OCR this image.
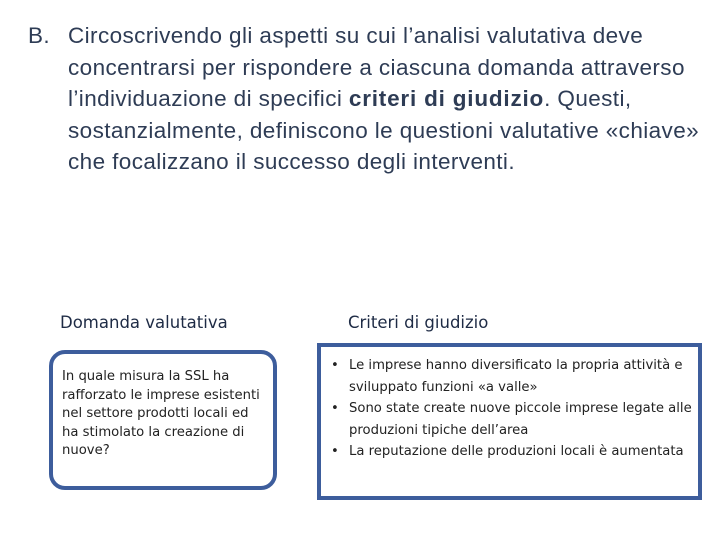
B. Circoscrivendo gli aspetti su cui l’analisi valutativa deve concentrarsi per rispondere a ciascuna domanda attraverso l’individuazione di specifici criteri di giudizio. Questi, sostanzialmente, definiscono le questioni valutative «chiave» che focalizzano il successo degli interventi.
Domanda valutativa	Criteri di giudizio
In quale misura la SSL ha rafforzato le imprese esistenti nel settore prodotti locali ed ha stimolato la creazione di nuove?
• Le imprese hanno diversificato la propria attività e sviluppato funzioni «a valle»
• Sono state create nuove piccole imprese legate alle produzioni tipiche dell’area
• La reputazione delle produzioni locali è aumentata
